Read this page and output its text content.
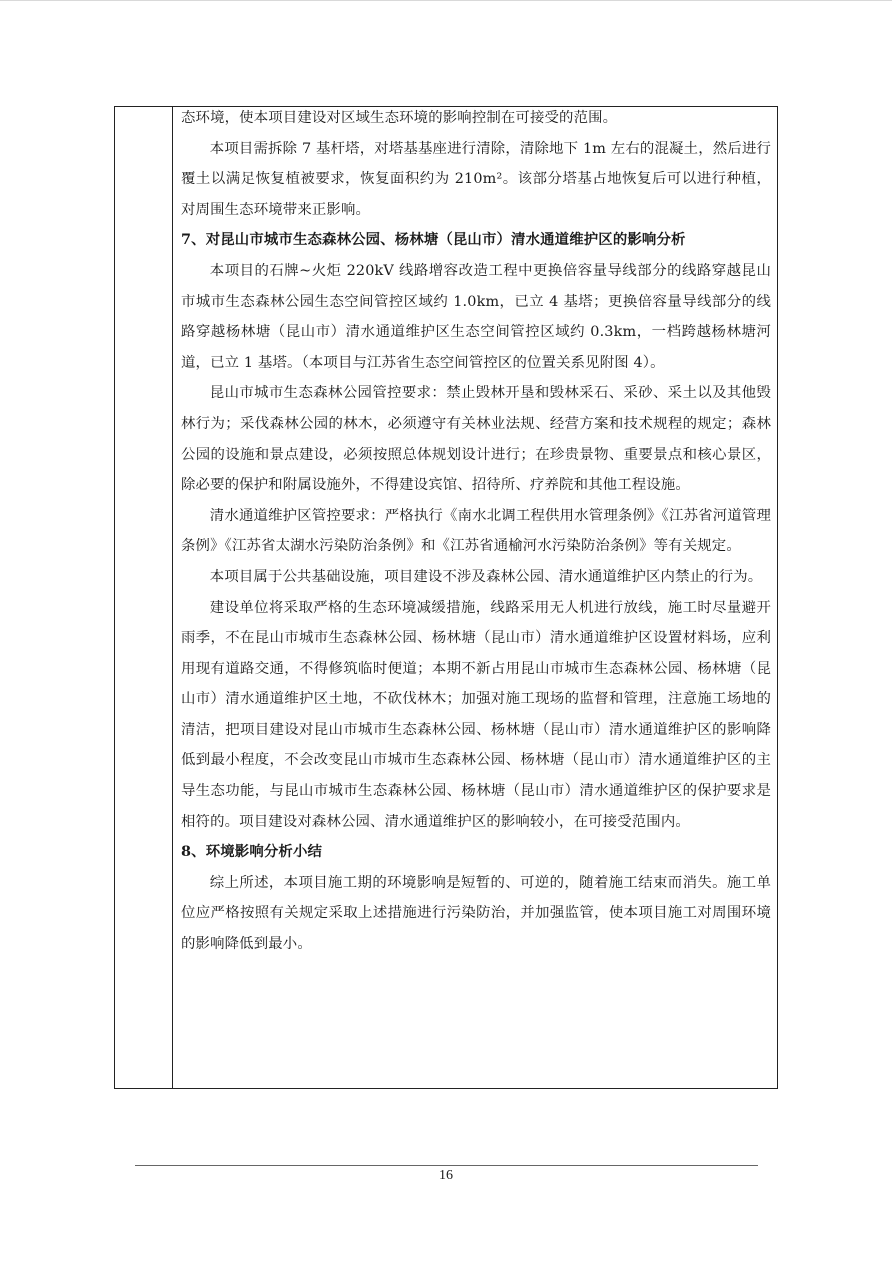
态环境，使本项目建设对区域生态环境的影响控制在可接受的范围。

本项目需拆除 7 基杆塔，对塔基基座进行清除，清除地下 1m 左右的混凝土，然后进行覆土以满足恢复植被要求，恢复面积约为 210m²。该部分塔基占地恢复后可以进行种植，对周围生态环境带来正影响。

7、对昆山市城市生态森林公园、杨林塘（昆山市）清水通道维护区的影响分析

本项目的石牌~火炬 220kV 线路增容改造工程中更换倍容量导线部分的线路穿越昆山市城市生态森林公园生态空间管控区域约 1.0km，已立 4 基塔；更换倍容量导线部分的线路穿越杨林塘（昆山市）清水通道维护区生态空间管控区域约 0.3km，一档跨越杨林塘河道，已立 1 基塔。（本项目与江苏省生态空间管控区的位置关系见附图 4）。

昆山市城市生态森林公园管控要求：禁止毁林开垦和毁林采石、采砂、采土以及其他毁林行为；采伐森林公园的林木，必须遵守有关林业法规、经营方案和技术规程的规定；森林公园的设施和景点建设，必须按照总体规划设计进行；在珍贵景物、重要景点和核心景区，除必要的保护和附属设施外，不得建设宾馆、招待所、疗养院和其他工程设施。

清水通道维护区管控要求：严格执行《南水北调工程供用水管理条例》《江苏省河道管理条例》《江苏省太湖水污染防治条例》和《江苏省通榆河水污染防治条例》等有关规定。

本项目属于公共基础设施，项目建设不涉及森林公园、清水通道维护区内禁止的行为。

建设单位将采取严格的生态环境减缓措施，线路采用无人机进行放线，施工时尽量避开雨季，不在昆山市城市生态森林公园、杨林塘（昆山市）清水通道维护区设置材料场，应利用现有道路交通，不得修筑临时便道；本期不新占用昆山市城市生态森林公园、杨林塘（昆山市）清水通道维护区土地，不砍伐林木；加强对施工现场的监督和管理，注意施工场地的清洁，把项目建设对昆山市城市生态森林公园、杨林塘（昆山市）清水通道维护区的影响降低到最小程度，不会改变昆山市城市生态森林公园、杨林塘（昆山市）清水通道维护区的主导生态功能，与昆山市城市生态森林公园、杨林塘（昆山市）清水通道维护区的保护要求是相符的。项目建设对森林公园、清水通道维护区的影响较小，在可接受范围内。

8、环境影响分析小结

综上所述，本项目施工期的环境影响是短暂的、可逆的，随着施工结束而消失。施工单位应严格按照有关规定采取上述措施进行污染防治，并加强监管，使本项目施工对周围环境的影响降低到最小。

16
